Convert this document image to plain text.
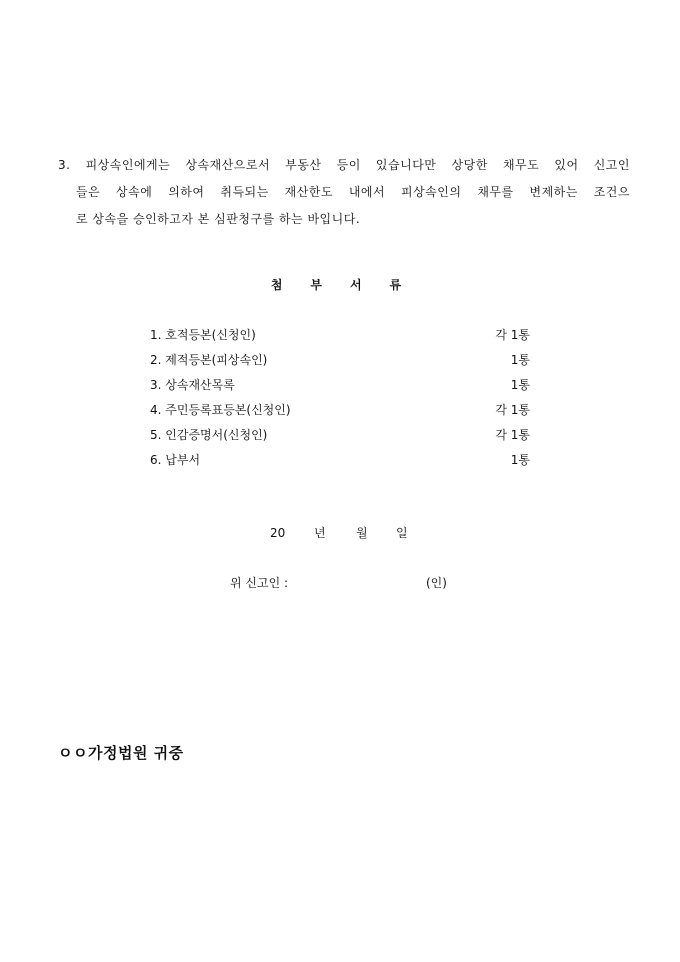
3. 피상속인에게는 상속재산으로서 부동산 등이 있습니다만 상당한 채무도 있어 신고인
들은 상속에 의하여 취득되는 재산한도 내에서 피상속인의 채무를 변제하는 조건으
로 상속을 승인하고자 본 심판청구를 하는 바입니다.
첨부서류
1. 호적등본(신청인)	각 1통
2. 제적등본(피상속인)	1통
3. 상속재산목록	1통
4. 주민등록표등본(신청인)	각 1통
5. 인감증명서(신청인)	각 1통
6. 납부서	1통
20 년	월 일
위 신고인 :	(인)
ㅇㅇ가정법원 귀중
